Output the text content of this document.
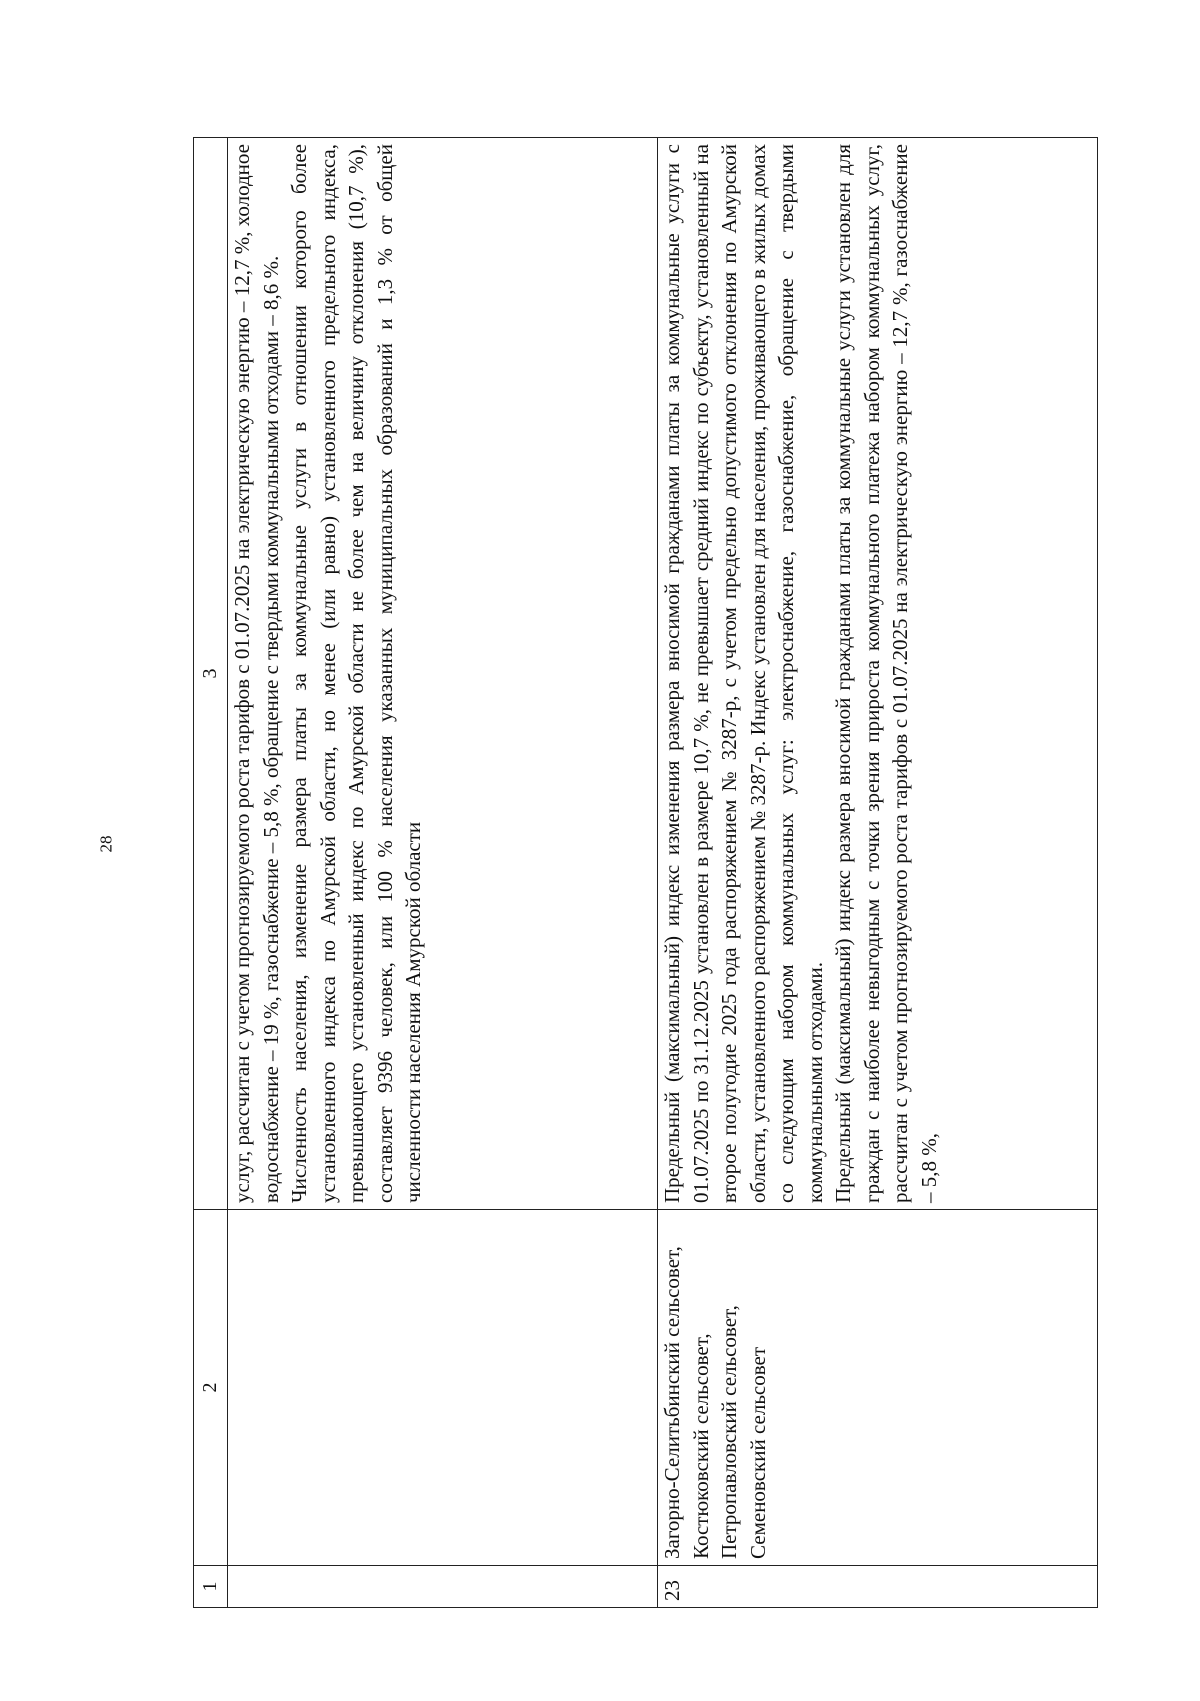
28
1	2	3

		услуг, рассчитан с учетом прогнозируемого роста тарифов с 01.07.2025 на электрическую энергию – 12,7 %, холодное водоснабжение – 19 %, газоснабжение – 5,8 %, обращение с твердыми коммунальными отходами – 8,6 %. Численность населения, изменение размера платы за коммунальные услуги в отношении которого более установленного индекса по Амурской области, но менее (или равно) установленного предельного индекса, превышающего установленный индекс по Амурской области не более чем на величину отклонения (10,7 %), составляет 9396 человек, или 100 % населения указанных муниципальных образований и 1,3 % от общей численности населения Амурской области

23	Загорно-Селитьбинский сельсовет, Костюковский сельсовет, Петропавловский сельсовет, Семеновский сельсовет	Предельный (максимальный) индекс изменения размера вносимой гражданами платы за коммунальные услуги с 01.07.2025 по 31.12.2025 установлен в размере 10,7 %, не превышает средний индекс по субъекту, установленный на второе полугодие 2025 года распоряжением № 3287-р, с учетом предельно допустимого отклонения по Амурской области, установленного распоряжением № 3287-р. Индекс установлен для населения, проживающего в жилых домах со следующим набором коммунальных услуг: электроснабжение, газоснабжение, обращение с твердыми коммунальными отходами. Предельный (максимальный) индекс размера вносимой гражданами платы за коммунальные услуги установлен для граждан с наиболее невыгодным с точки зрения прироста коммунального платежа набором коммунальных услуг, рассчитан с учетом прогнозируемого роста тарифов с 01.07.2025 на электрическую энергию – 12,7 %, газоснабжение – 5,8 %,
